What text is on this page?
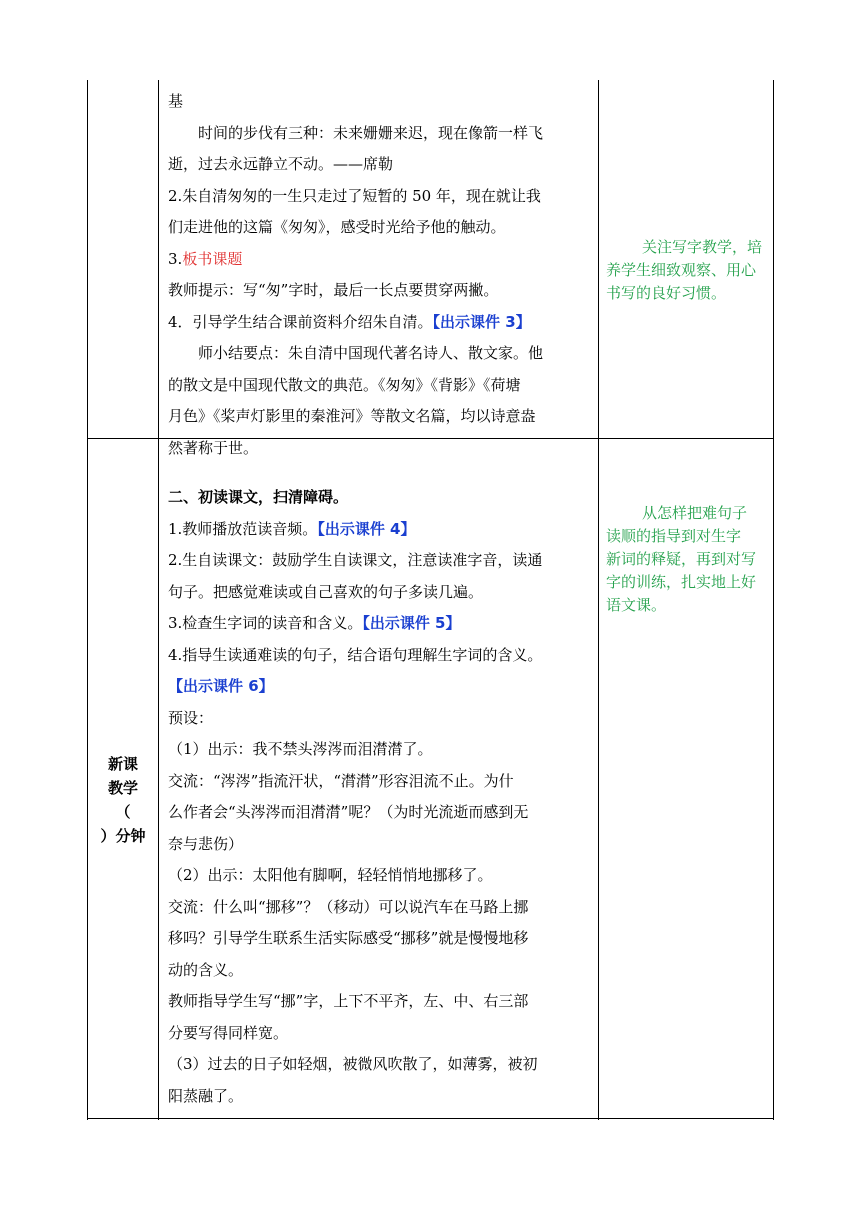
基

时间的步伐有三种：未来姗姗来迟，现在像箭一样飞

逝，过去永远静立不动。——席勒

2.朱自清匆匆的一生只走过了短暂的 50 年，现在就让我

们走进他的这篇《匆匆》，感受时光给予他的触动。

3.板书课题

教师提示：写“匆”字时，最后一长点要贯穿两撇。

4．引导学生结合课前资料介绍朱自清。【出示课件 3】

师小结要点：朱自清中国现代著名诗人、散文家。他

的散文是中国现代散文的典范。《匆匆》《背影》《荷塘

月色》《桨声灯影里的秦淮河》等散文名篇，均以诗意盎

然著称于世。

关注写字教学，培

养学生细致观察、用心

书写的良好习惯。

新课
教学
（
）分钟

二、初读课文，扫清障碍。

1.教师播放范读音频。【出示课件 4】

2.生自读课文：鼓励学生自读课文，注意读准字音，读通

句子。把感觉难读或自己喜欢的句子多读几遍。

3.检查生字词的读音和含义。【出示课件 5】

4.指导生读通难读的句子，结合语句理解生字词的含义。

【出示课件 6】

预设：

（1）出示：我不禁头涔涔而泪潸潸了。

交流：“涔涔”指流汗状，“潸潸”形容泪流不止。为什

么作者会“头涔涔而泪潸潸”呢？（为时光流逝而感到无

奈与悲伤）

（2）出示：太阳他有脚啊，轻轻悄悄地挪移了。

交流：什么叫“挪移”？（移动）可以说汽车在马路上挪

移吗？引导学生联系生活实际感受“挪移”就是慢慢地移

动的含义。

教师指导学生写“挪”字，上下不平齐，左、中、右三部

分要写得同样宽。

（3）过去的日子如轻烟，被微风吹散了，如薄雾，被初

阳蒸融了。

从怎样把难句子

读顺的指导到对生字

新词的释疑，再到对写

字的训练，扎实地上好

语文课。
